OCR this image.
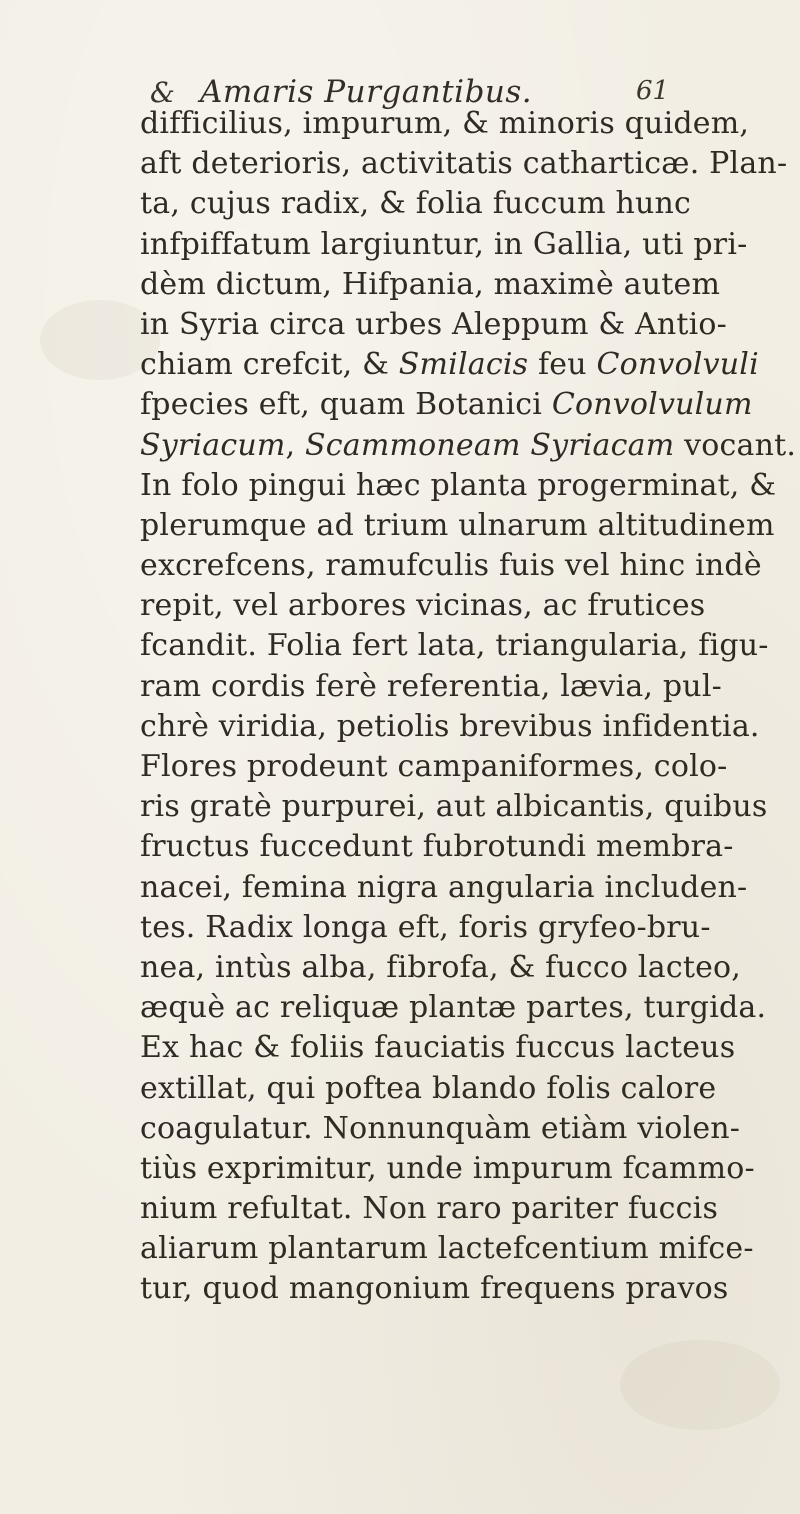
& Amaris Purgantibus.	61
difficilius, impurum, & minoris quidem,
aft deterioris, activitatis catharticæ. Plan-
ta, cujus radix, & folia fuccum hunc
infpiffatum largiuntur, in Gallia, uti pri-
dèm dictum, Hifpania, maximè autem
in Syria circa urbes Aleppum & Antio-
chiam crefcit, & Smilacis feu Convolvuli
fpecies eft, quam Botanici Convolvulum
Syriacum, Scammoneam Syriacam vocant.
In folo pingui hæc planta progerminat, &
plerumque ad trium ulnarum altitudinem
excrefcens, ramufculis fuis vel hinc indè
repit, vel arbores vicinas, ac frutices
fcandit. Folia fert lata, triangularia, figu-
ram cordis ferè referentia, lævia, pul-
chrè viridia, petiolis brevibus infidentia.
Flores prodeunt campaniformes, colo-
ris gratè purpurei, aut albicantis, quibus
fructus fuccedunt fubrotundi membra-
nacei, femina nigra angularia includen-
tes. Radix longa eft, foris gryfeo-bru-
nea, intùs alba, fibrofa, & fucco lacteo,
æquè ac reliquæ plantæ partes, turgida.
Ex hac & foliis fauciatis fuccus lacteus
extillat, qui poftea blando folis calore
coagulatur. Nonnunquàm etiàm violen-
tiùs exprimitur, unde impurum fcammo-
nium refultat. Non raro pariter fuccis
aliarum plantarum lactefcentium mifce-
tur, quod mangonium frequens pravos
